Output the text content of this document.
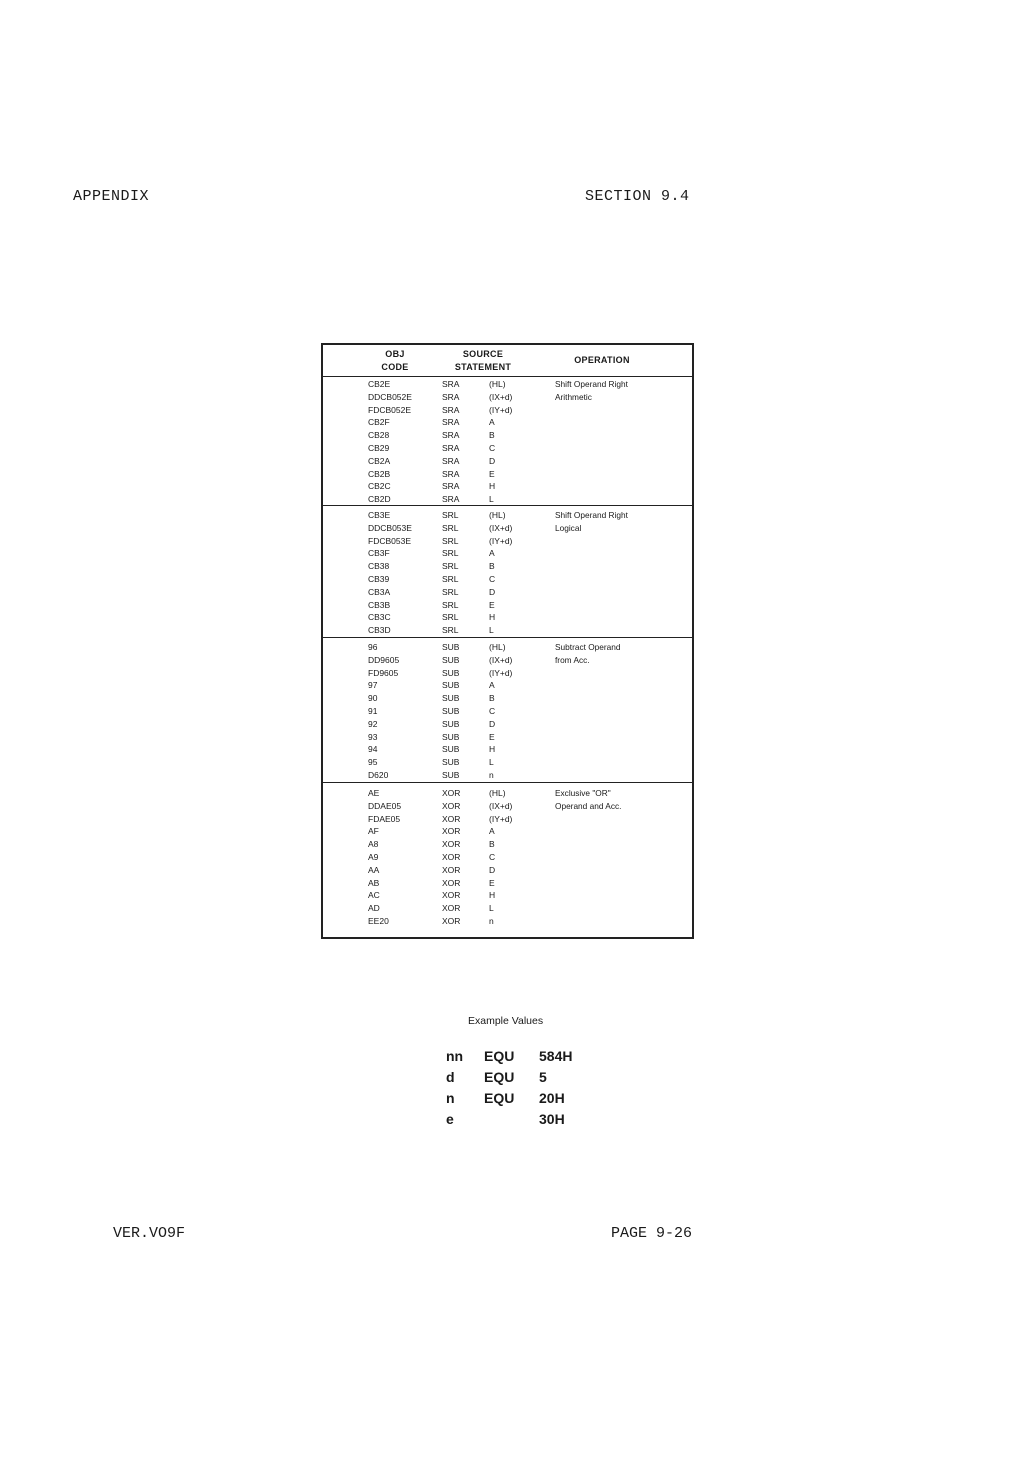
APPENDIX	SECTION 9.4
OBJ
CODE
SOURCE
STATEMENT
OPERATION
CB2E	SRA	(HL)	Shift Operand Right
DDCB052E	SRA	(IX+d)	Arithmetic
FDCB052E	SRA	(IY+d)
CB2F	SRA	A
CB28	SRA	B
CB29	SRA	C
CB2A	SRA	D
CB2B	SRA	E
CB2C	SRA	H
CB2D	SRA	L
CB3E	SRL	(HL)	Shift Operand Right
DDCB053E	SRL	(IX+d)	Logical
FDCB053E	SRL	(IY+d)
CB3F	SRL	A
CB38	SRL	B
CB39	SRL	C
CB3A	SRL	D
CB3B	SRL	E
CB3C	SRL	H
CB3D	SRL	L
96	SUB	(HL)	Subtract Operand
DD9605	SUB	(IX+d)	from Acc.
FD9605	SUB	(IY+d)
97	SUB	A
90	SUB	B
91	SUB	C
92	SUB	D
93	SUB	E
94	SUB	H
95	SUB	L
D620	SUB	n
AE	XOR	(HL)	Exclusive "OR"
DDAE05	XOR	(IX+d)	Operand and Acc.
FDAE05	XOR	(IY+d)
AF	XOR	A
A8	XOR	B
A9	XOR	C
AA	XOR	D
AB	XOR	E
AC	XOR	H
AD	XOR	L
EE20	XOR	n
Example Values
nn EQU 584H
d EQU 5
n EQU 20H
e	30H
VER.VO9F	PAGE 9-26
